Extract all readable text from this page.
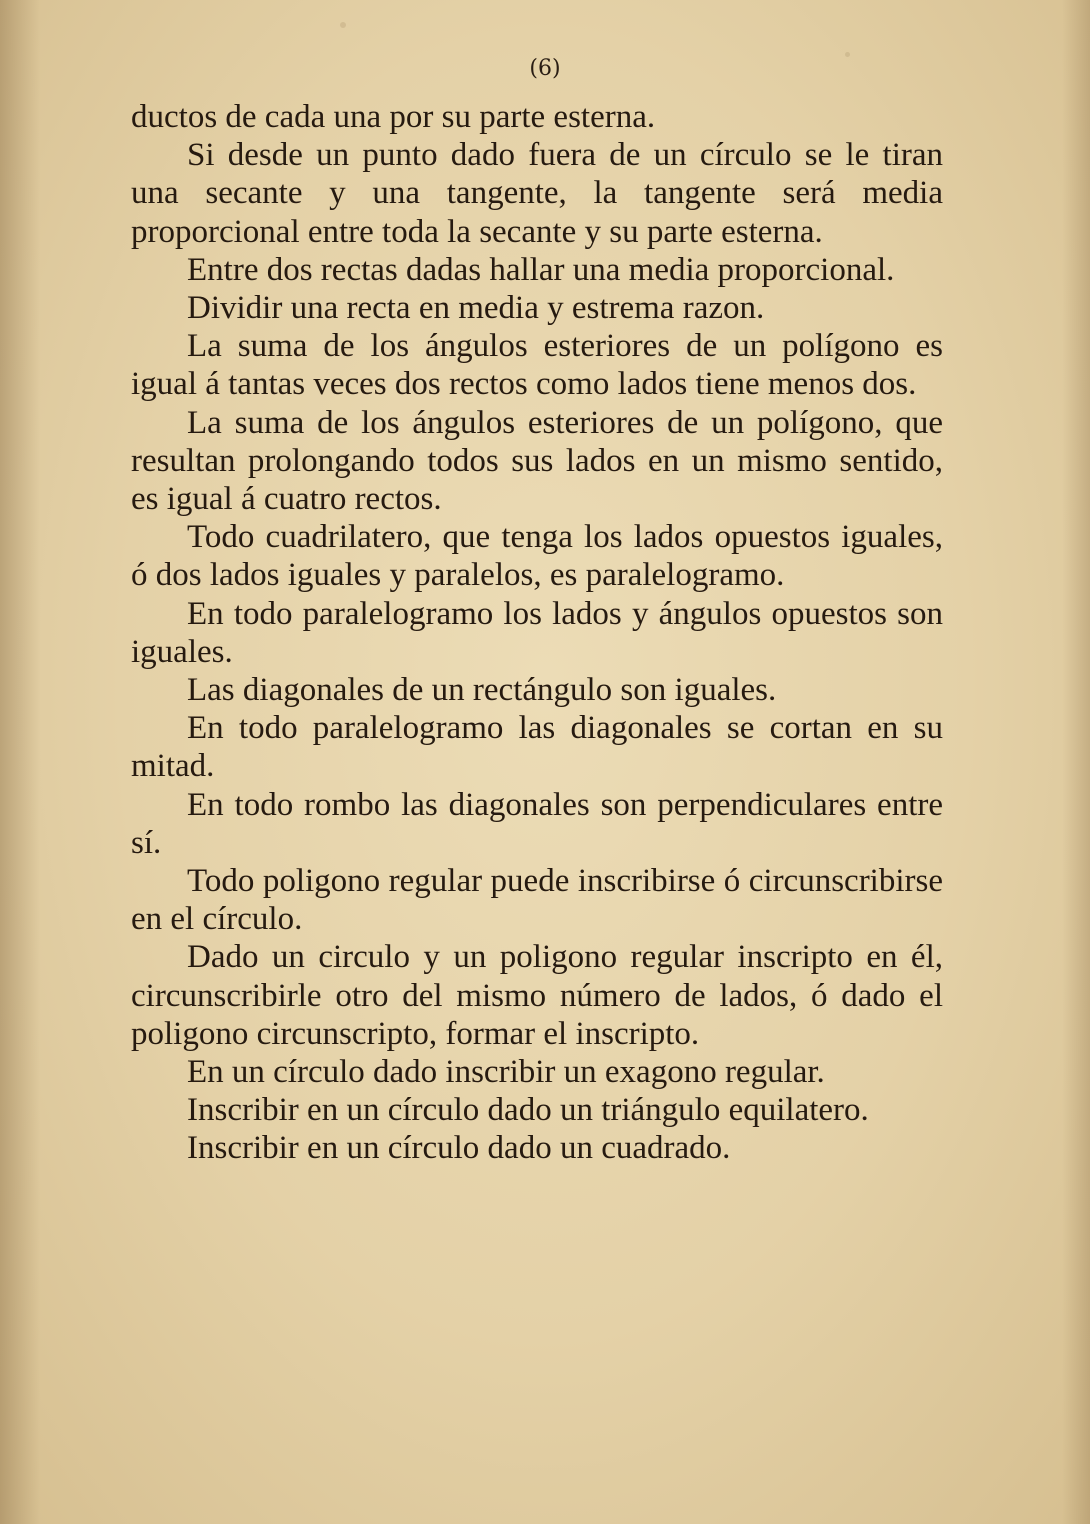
(6)

ductos de cada una por su parte esterna.

Si desde un punto dado fuera de un círculo se le tiran una secante y una tangente, la tangente será media proporcional entre toda la secante y su parte esterna.

Entre dos rectas dadas hallar una media proporcional.

Dividir una recta en media y estrema razon.

La suma de los ángulos esteriores de un polígono es igual á tantas veces dos rectos como lados tiene menos dos.

La suma de los ángulos esteriores de un polígono, que resultan prolongando todos sus lados en un mismo sentido, es igual á cuatro rectos.

Todo cuadrilatero, que tenga los lados opuestos iguales, ó dos lados iguales y paralelos, es paralelogramo.

En todo paralelogramo los lados y ángulos opuestos son iguales.

Las diagonales de un rectángulo son iguales.

En todo paralelogramo las diagonales se cortan en su mitad.

En todo rombo las diagonales son perpendiculares entre sí.

Todo poligono regular puede inscribirse ó circunscribirse en el círculo.

Dado un circulo y un poligono regular inscripto en él, circunscribirle otro del mismo número de lados, ó dado el poligono circunscripto, formar el inscripto.

En un círculo dado inscribir un exagono regular.

Inscribir en un círculo dado un triángulo equilatero.

Inscribir en un círculo dado un cuadrado.
